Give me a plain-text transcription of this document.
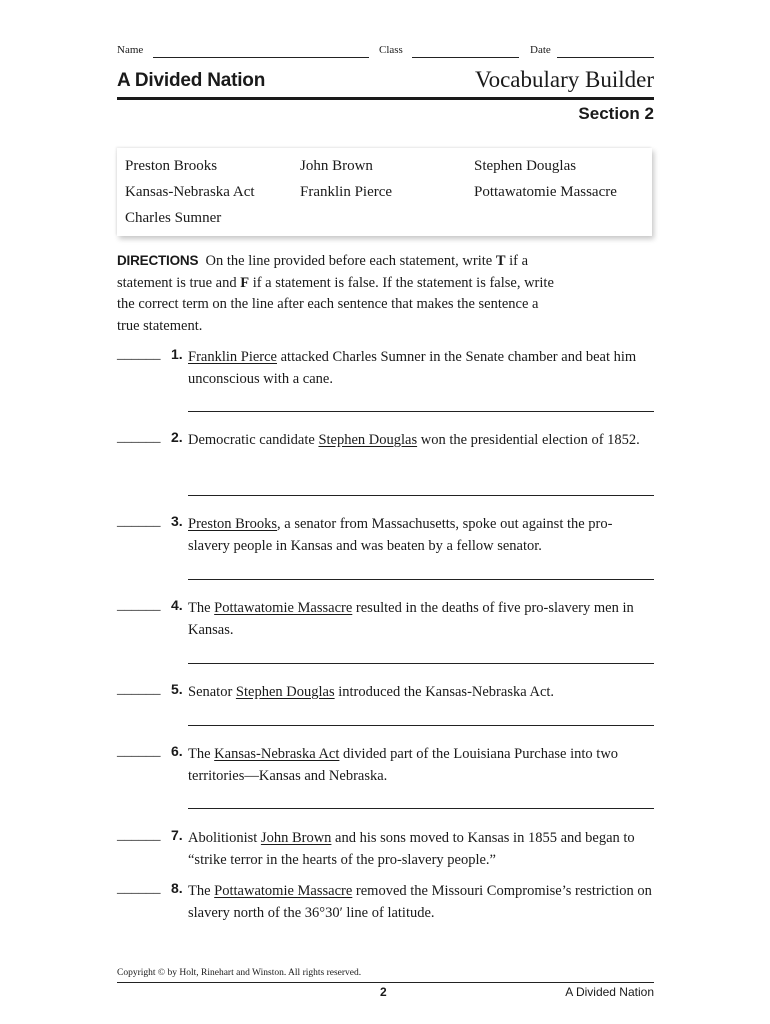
Name	Class	Date
A Divided Nation	Vocabulary Builder
Section 2
Preston Brooks	John Brown	Stephen Douglas
Kansas-Nebraska Act	Franklin Pierce	Pottawatomie Massacre
Charles Sumner
DIRECTIONS On the line provided before each statement, write T if a statement is true and F if a statement is false. If the statement is false, write the correct term on the line after each sentence that makes the sentence a true statement.
______ 1. Franklin Pierce attacked Charles Sumner in the Senate chamber and beat him unconscious with a cane.
______ 2. Democratic candidate Stephen Douglas won the presidential election of 1852.
______ 3. Preston Brooks, a senator from Massachusetts, spoke out against the pro-slavery people in Kansas and was beaten by a fellow senator.
______ 4. The Pottawatomie Massacre resulted in the deaths of five pro-slavery men in Kansas.
______ 5. Senator Stephen Douglas introduced the Kansas-Nebraska Act.
______ 6. The Kansas-Nebraska Act divided part of the Louisiana Purchase into two territories—Kansas and Nebraska.
______ 7. Abolitionist John Brown and his sons moved to Kansas in 1855 and began to “strike terror in the hearts of the pro-slavery people.”
______ 8. The Pottawatomie Massacre removed the Missouri Compromise’s restriction on slavery north of the 36°30′ line of latitude.
Copyright © by Holt, Rinehart and Winston. All rights reserved.
2	A Divided Nation
